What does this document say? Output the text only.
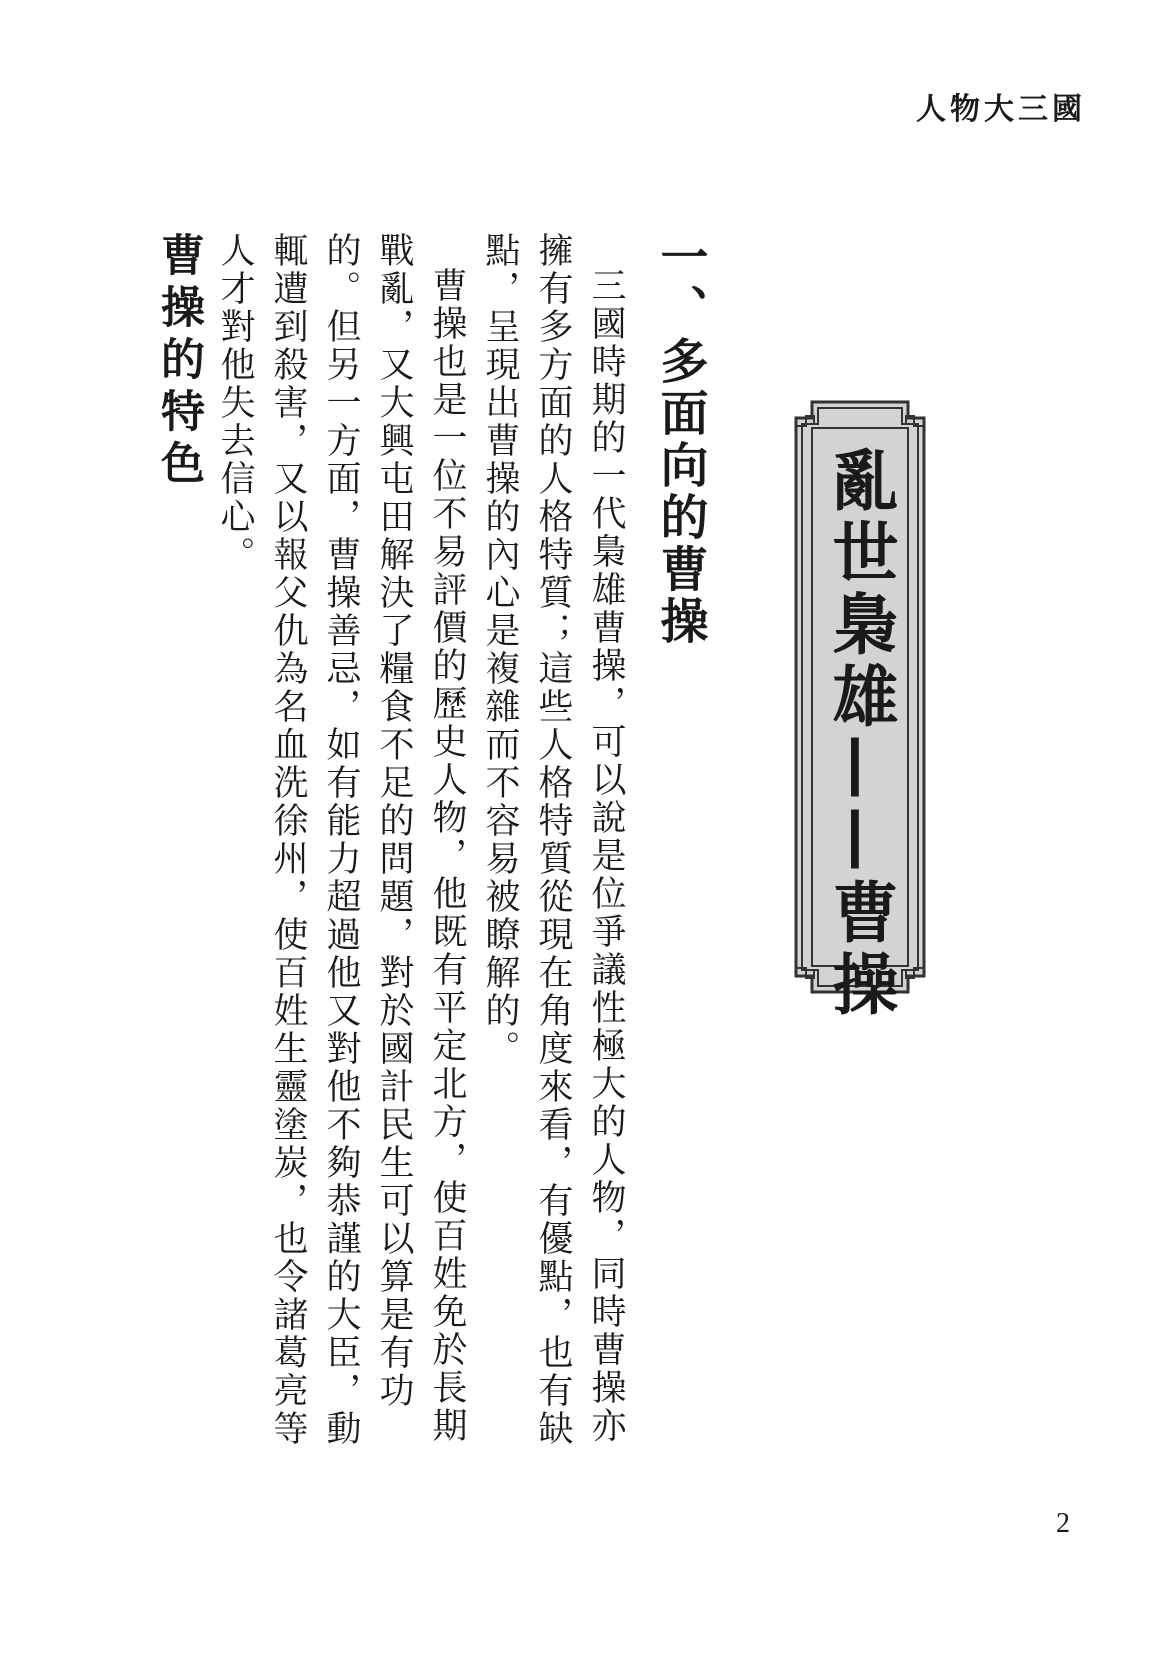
人物大三國
亂世梟雄——曹操
一、多面向的曹操

三國時期的一代梟雄曹操，可以說是位爭議性極大的人物，同時曹操亦擁有多方面的人格特質；這些人格特質從現在角度來看，有優點，也有缺點，呈現出曹操的內心是複雜而不容易被瞭解的。

曹操也是一位不易評價的歷史人物，他既有平定北方，使百姓免於長期戰亂，又大興屯田解決了糧食不足的問題，對於國計民生可以算是有功的。但另一方面，曹操善忌，如有能力超過他又對他不夠恭謹的大臣，動輒遭到殺害，又以報父仇為名血洗徐州，使百姓生靈塗炭，也令諸葛亮等人才對他失去信心。

曹操的特色
2
